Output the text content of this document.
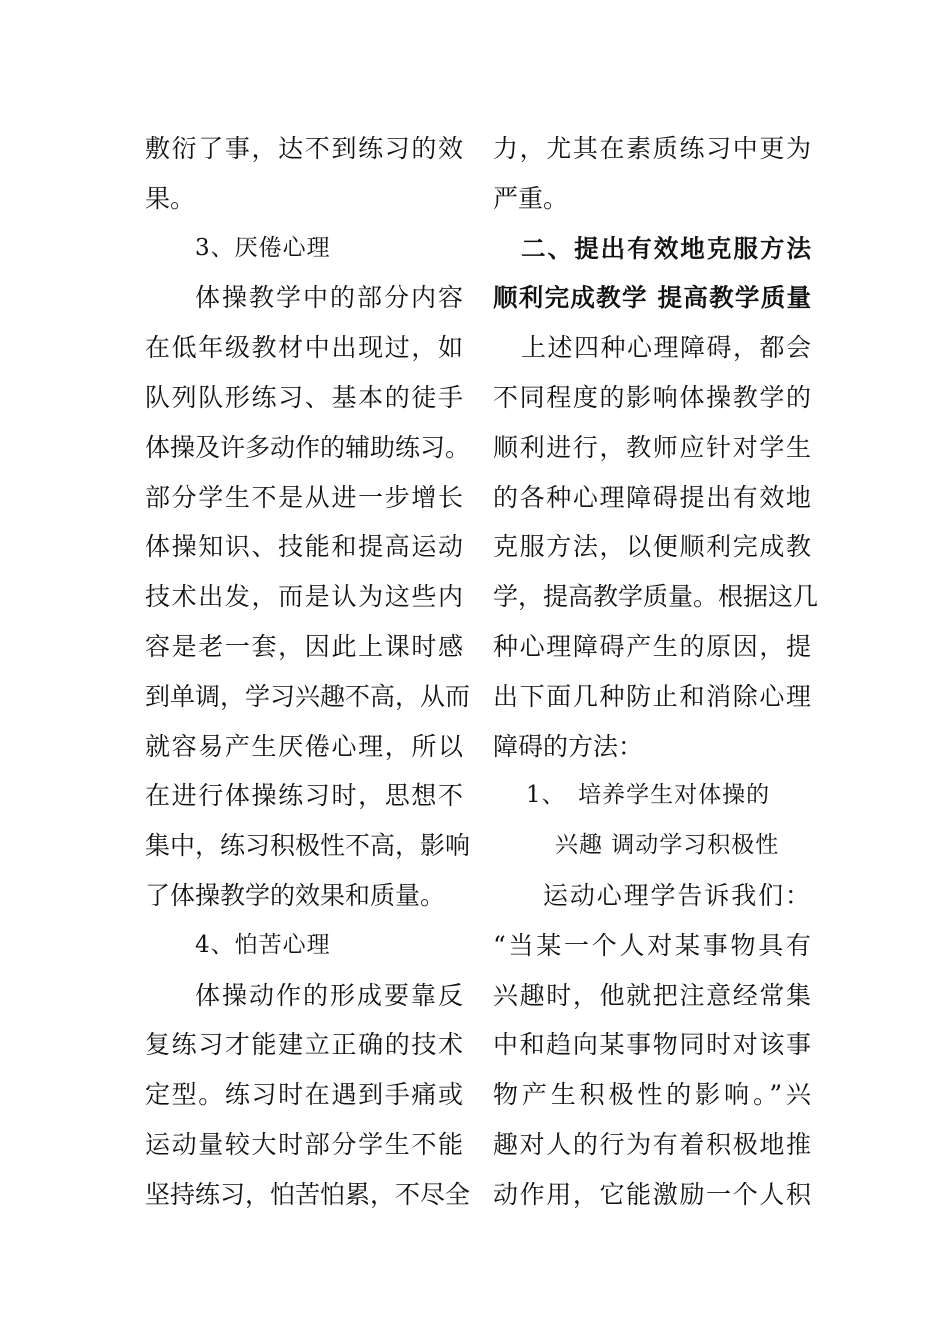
敷衍了事，达不到练习的效
果。
3、厌倦心理
体操教学中的部分内容
在低年级教材中出现过，如
队列队形练习、基本的徒手
体操及许多动作的辅助练习。
部分学生不是从进一步增长
体操知识、技能和提高运动
技术出发，而是认为这些内
容是老一套，因此上课时感
到单调，学习兴趣不高，从而
就容易产生厌倦心理，所以
在进行体操练习时，思想不
集中，练习积极性不高，影响
了体操教学的效果和质量。
4、怕苦心理
体操动作的形成要靠反
复练习才能建立正确的技术
定型。练习时在遇到手痛或
运动量较大时部分学生不能
坚持练习，怕苦怕累，不尽全
力，尤其在素质练习中更为
严重。
二、提出有效地克服方法
顺利完成教学 提高教学质量
上述四种心理障碍，都会
不同程度的影响体操教学的
顺利进行，教师应针对学生
的各种心理障碍提出有效地
克服方法，以便顺利完成教
学，提高教学质量。根据这几
种心理障碍产生的原因，提
出下面几种防止和消除心理
障碍的方法：
1、　培养学生对体操的
兴趣 调动学习积极性
运动心理学告诉我们：
“当某一个人对某事物具有
兴趣时，他就把注意经常集
中和趋向某事物同时对该事
物产生积极性的影响。”兴
趣对人的行为有着积极地推
动作用，它能激励一个人积
